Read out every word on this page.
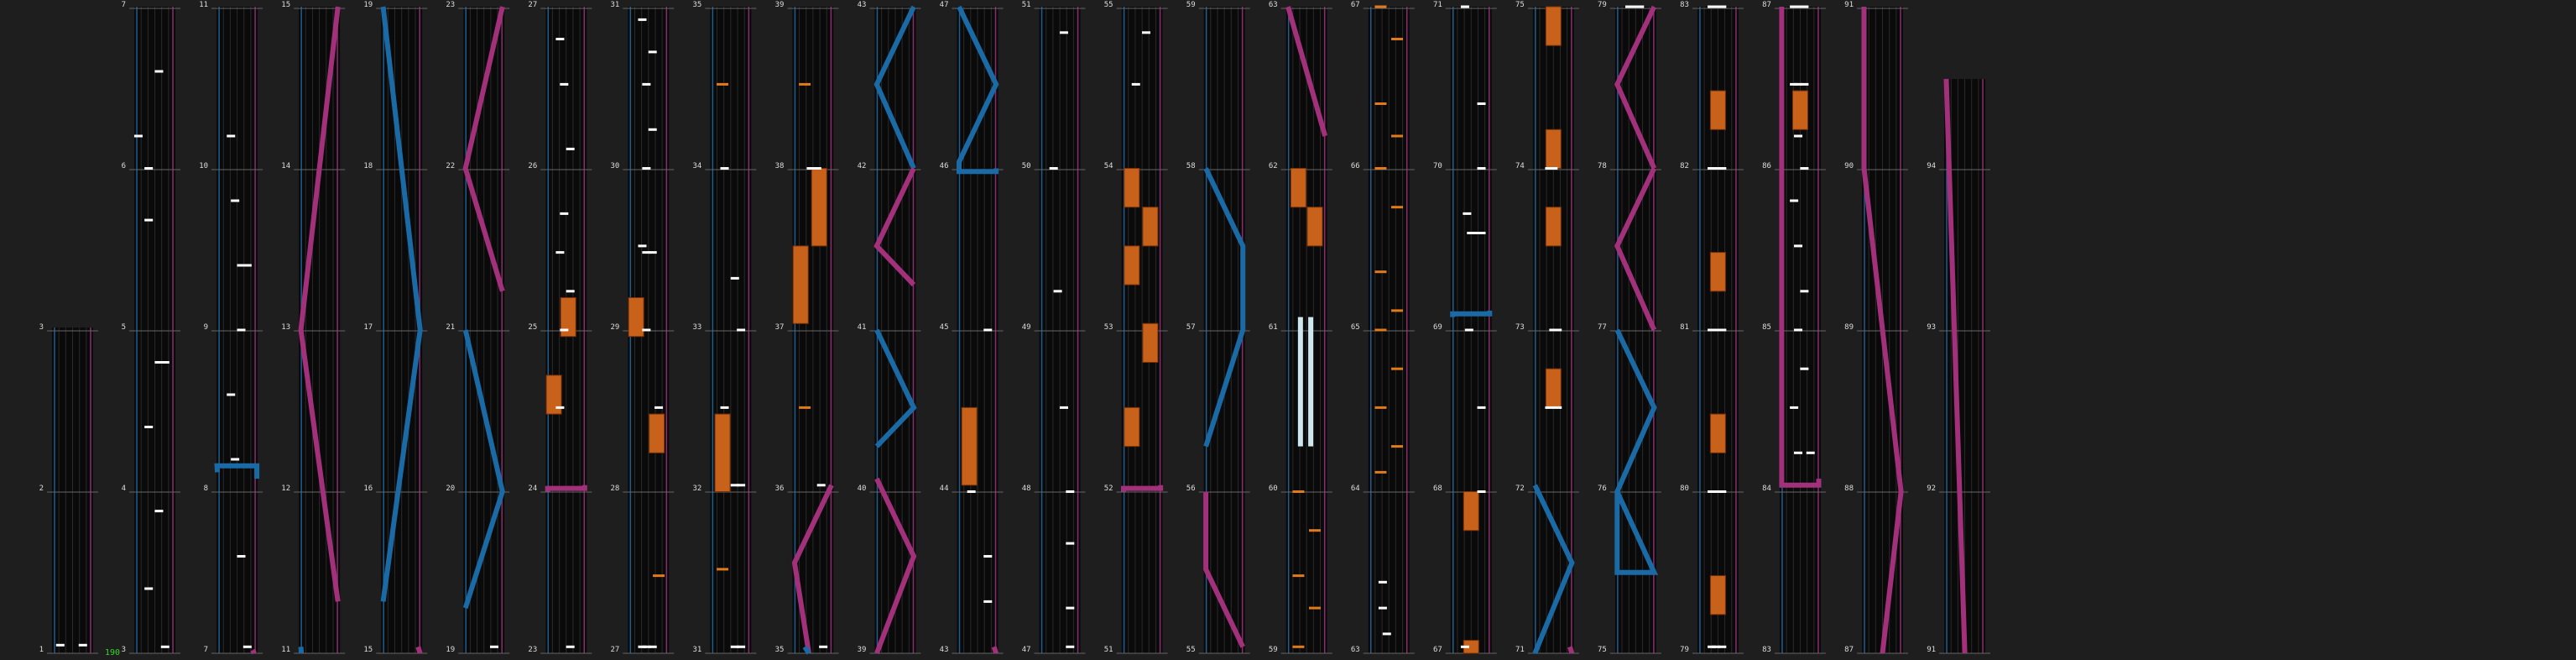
1
2
3
3
4
5
6
7
7
8
9
10
11
11
12
13
14
15
15
16
17
18
19
19
20
21
22
23
23
24
25
26
27
27
28
29
30
31
31
32
33
34
35
35
36
37
38
39
39
40
41
42
43
43
44
45
46
47
47
48
49
50
51
51
52
53
54
55
55
56
57
58
59
59
60
61
62
63
63
64
65
66
67
67
68
69
70
71
71
72
73
74
75
75
76
77
78
79
79
80
81
82
83
83
84
85
86
87
87
88
89
90
91
91
92
93
94
190
